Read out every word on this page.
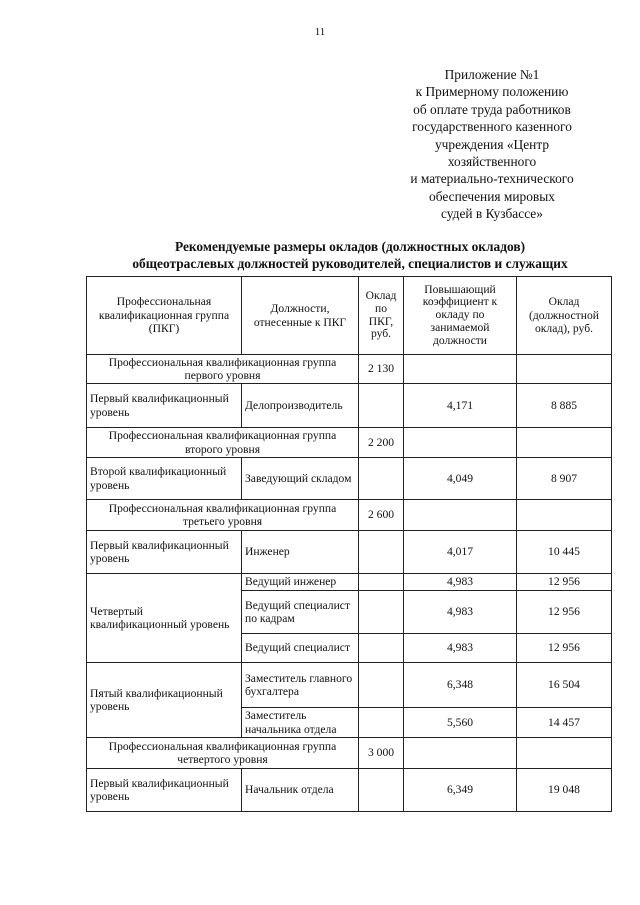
11
Приложение №1
к Примерному положению
об оплате труда работников
государственного казенного
учреждения «Центр
хозяйственного
и материально-технического
обеспечения мировых
судей в Кузбассе»
Рекомендуемые размеры окладов (должностных окладов)
общеотраслевых должностей руководителей, специалистов и служащих
Профессиональная квалификационная группа (ПКГ)	Должности, отнесенные к ПКГ	Оклад по ПКГ, руб.	Повышающий коэффициент к окладу по занимаемой должности	Оклад (должностной оклад), руб.
Профессиональная квалификационная группа первого уровня		2 130		
Первый квалификационный уровень	Делопроизводитель		4,171	8 885
Профессиональная квалификационная группа второго уровня		2 200		
Второй квалификационный уровень	Заведующий складом		4,049	8 907
Профессиональная квалификационная группа третьего уровня		2 600		
Первый квалификационный уровень	Инженер		4,017	10 445
Четвертый квалификационный уровень	Ведущий инженер		4,983	12 956
	Ведущий специалист по кадрам		4,983	12 956
	Ведущий специалист		4,983	12 956
Пятый квалификационный уровень	Заместитель главного бухгалтера		6,348	16 504
	Заместитель начальника отдела		5,560	14 457
Профессиональная квалификационная группа четвертого уровня		3 000		
Первый квалификационный уровень	Начальник отдела		6,349	19 048
